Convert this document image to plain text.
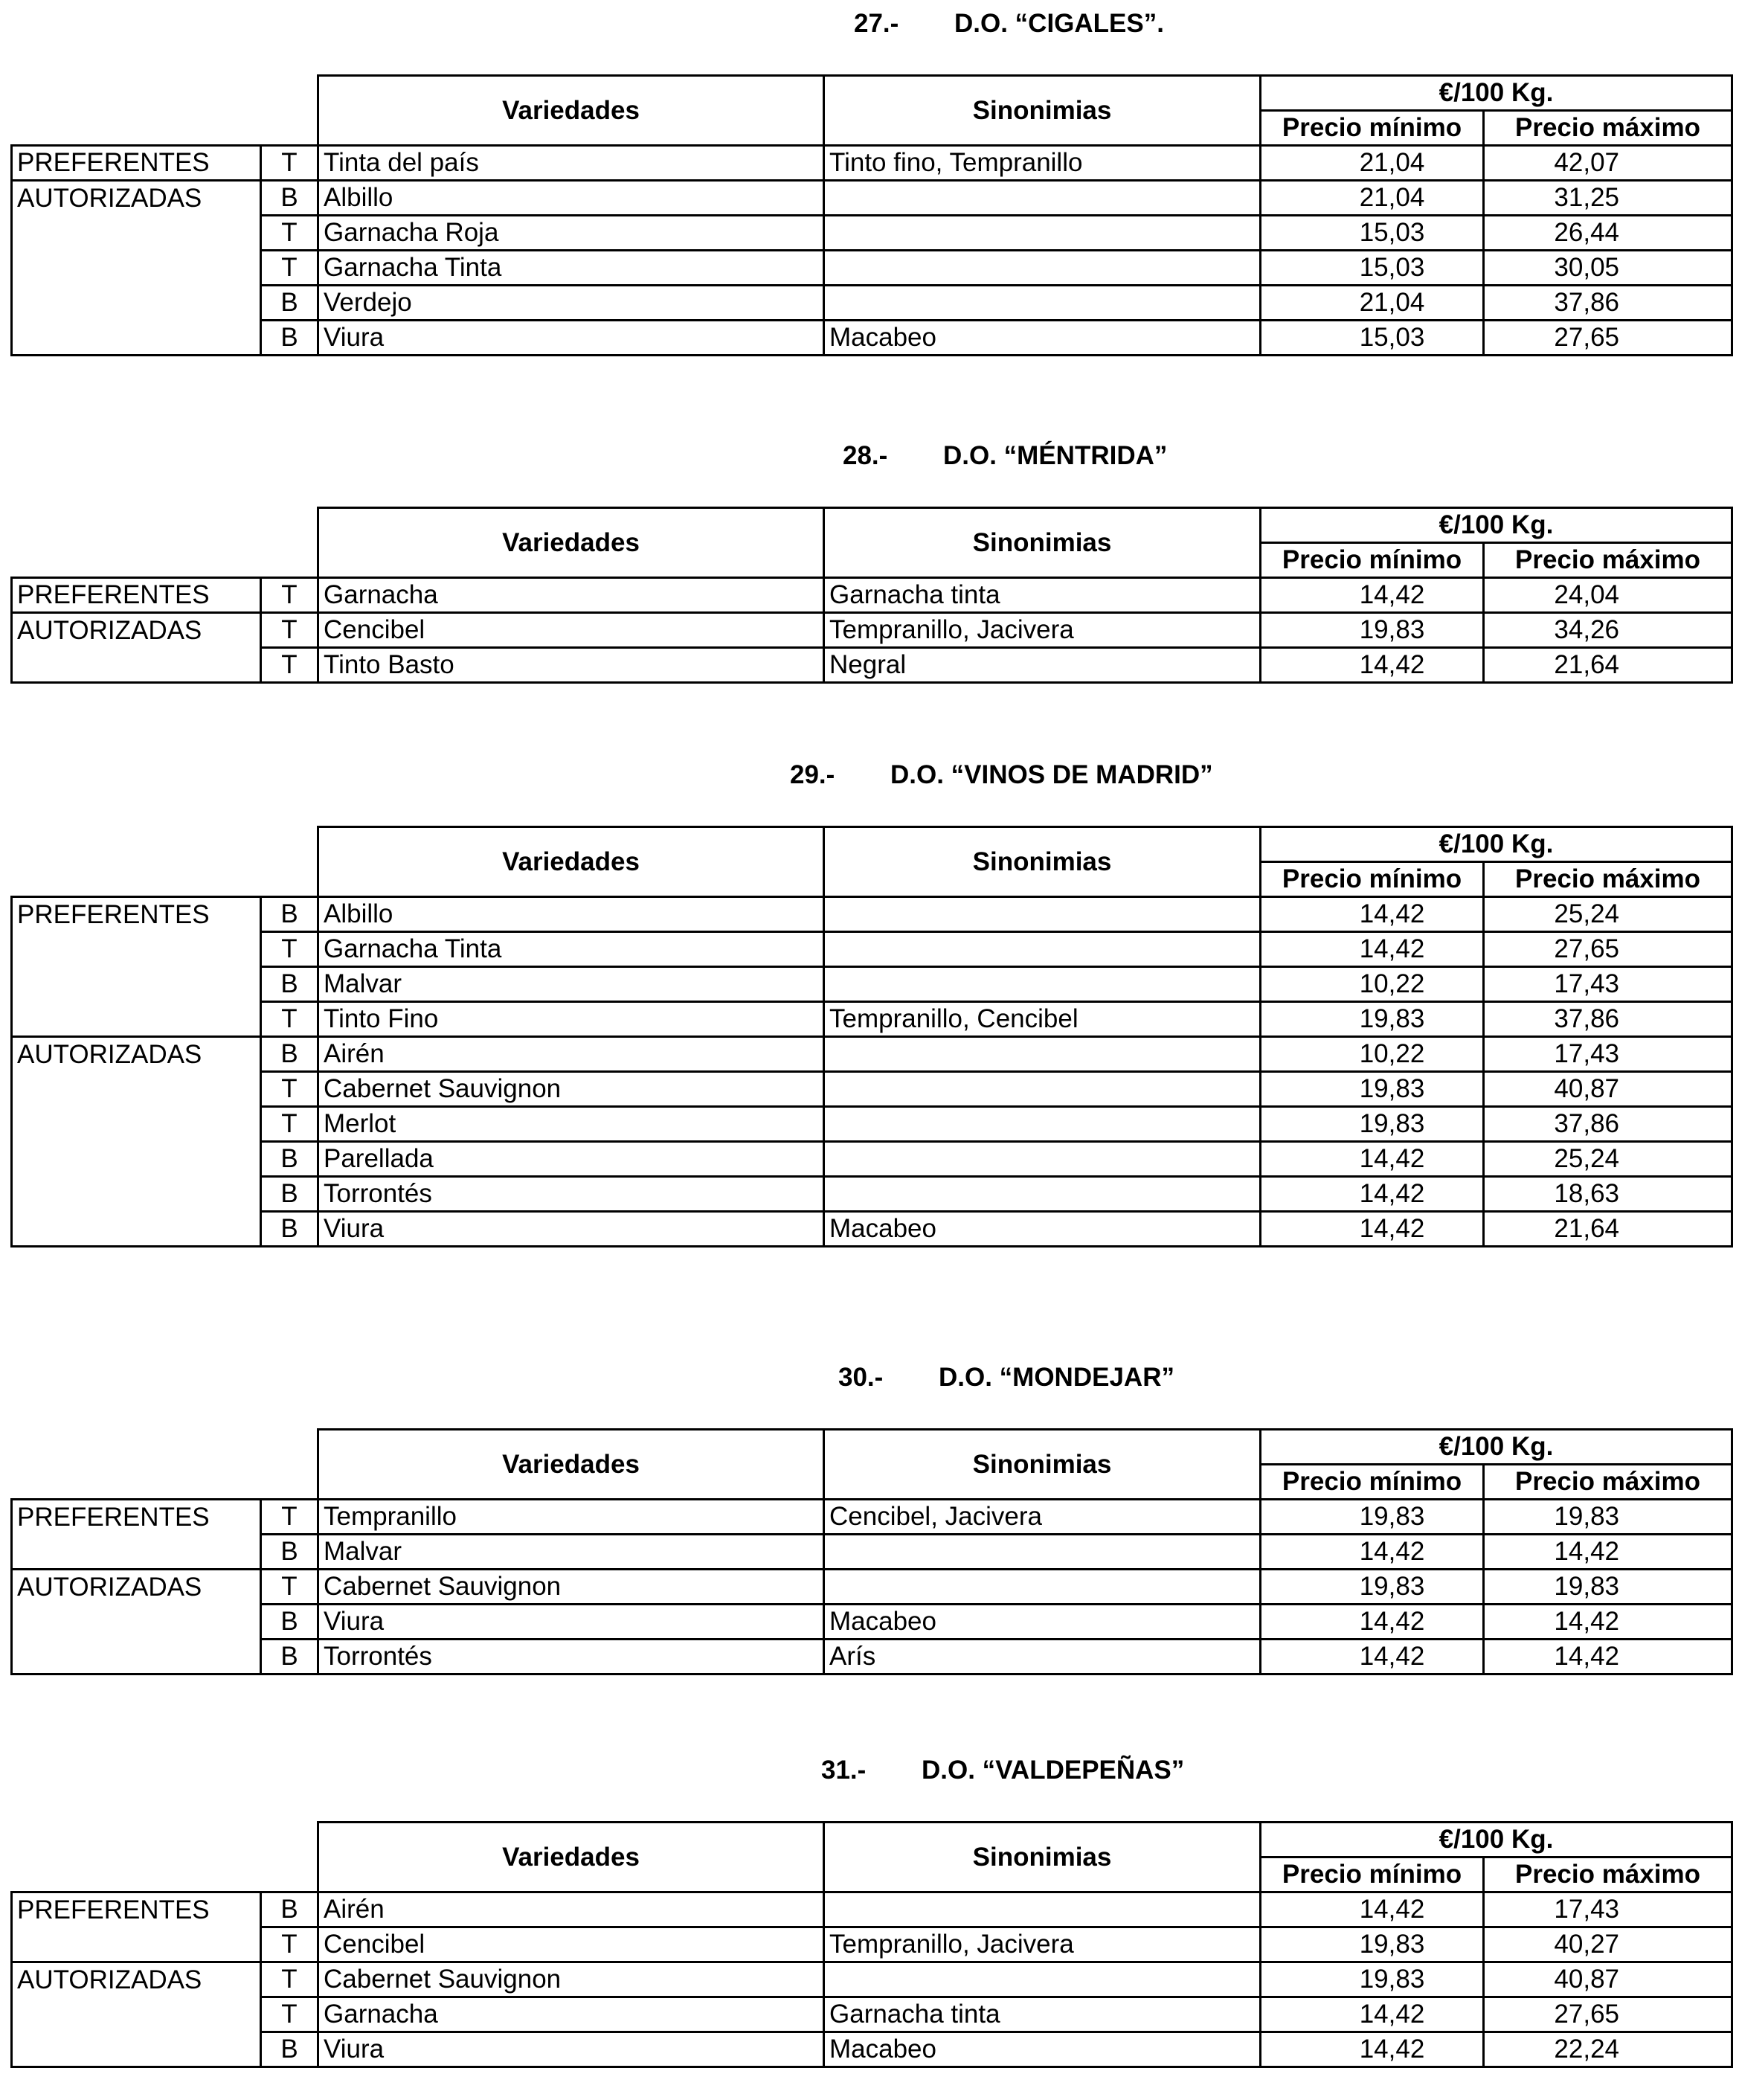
27.- D.O. “CIGALES”.
		Variedades	Sinonimias	€/100 Kg.	
				Precio mínimo	Precio máximo
PREFERENTES	T	Tinta del país	Tinto fino, Tempranillo	21,04	42,07
AUTORIZADAS	B	Albillo		21,04	31,25
	T	Garnacha Roja		15,03	26,44
	T	Garnacha Tinta		15,03	30,05
	B	Verdejo		21,04	37,86
	B	Viura	Macabeo	15,03	27,65
28.- D.O. “MÉNTRIDA”
		Variedades	Sinonimias	€/100 Kg.	
				Precio mínimo	Precio máximo
PREFERENTES	T	Garnacha	Garnacha tinta	14,42	24,04
AUTORIZADAS	T	Cencibel	Tempranillo, Jacivera	19,83	34,26
	T	Tinto Basto	Negral	14,42	21,64
29.- D.O. “VINOS DE MADRID”
		Variedades	Sinonimias	€/100 Kg.	
				Precio mínimo	Precio máximo
PREFERENTES	B	Albillo		14,42	25,24
	T	Garnacha Tinta		14,42	27,65
	B	Malvar		10,22	17,43
	T	Tinto Fino	Tempranillo, Cencibel	19,83	37,86
AUTORIZADAS	B	Airén		10,22	17,43
	T	Cabernet Sauvignon		19,83	40,87
	T	Merlot		19,83	37,86
	B	Parellada		14,42	25,24
	B	Torrontés		14,42	18,63
	B	Viura	Macabeo	14,42	21,64
30.- D.O. “MONDEJAR”
		Variedades	Sinonimias	€/100 Kg.	
				Precio mínimo	Precio máximo
PREFERENTES	T	Tempranillo	Cencibel, Jacivera	19,83	19,83
	B	Malvar		14,42	14,42
AUTORIZADAS	T	Cabernet Sauvignon		19,83	19,83
	B	Viura	Macabeo	14,42	14,42
	B	Torrontés	Arís	14,42	14,42
31.- D.O. “VALDEPEÑAS”
		Variedades	Sinonimias	€/100 Kg.	
				Precio mínimo	Precio máximo
PREFERENTES	B	Airén		14,42	17,43
	T	Cencibel	Tempranillo, Jacivera	19,83	40,27
AUTORIZADAS	T	Cabernet Sauvignon		19,83	40,87
	T	Garnacha	Garnacha tinta	14,42	27,65
	B	Viura	Macabeo	14,42	22,24
